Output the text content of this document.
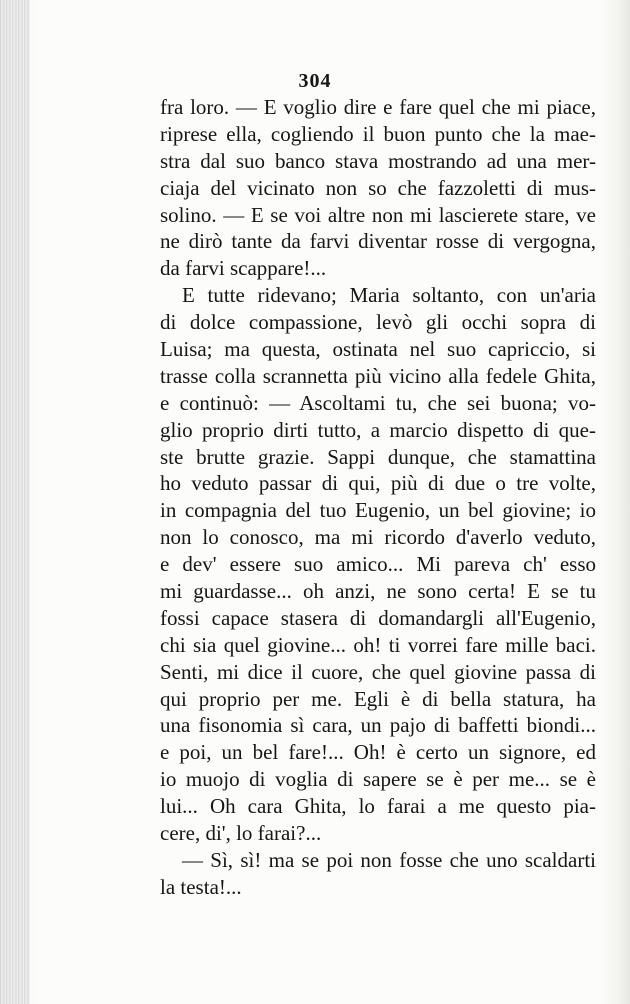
304
fra loro. — E voglio dire e fare quel che mi piace,
riprese ella, cogliendo il buon punto che la mae-
stra dal suo banco stava mostrando ad una mer-
ciaja del vicinato non so che fazzoletti di mus-
solino. — E se voi altre non mi lascierete stare, ve
ne dirò tante da farvi diventar rosse di vergogna,
da farvi scappare!...
E tutte ridevano; Maria soltanto, con un'aria
di dolce compassione, levò gli occhi sopra di
Luisa; ma questa, ostinata nel suo capriccio, si
trasse colla scrannetta più vicino alla fedele Ghita,
e continuò: — Ascoltami tu, che sei buona; vo-
glio proprio dirti tutto, a marcio dispetto di que-
ste brutte grazie. Sappi dunque, che stamattina
ho veduto passar di qui, più di due o tre volte,
in compagnia del tuo Eugenio, un bel giovine; io
non lo conosco, ma mi ricordo d'averlo veduto,
e dev' essere suo amico... Mi pareva ch' esso
mi guardasse... oh anzi, ne sono certa! E se tu
fossi capace stasera di domandargli all'Eugenio,
chi sia quel giovine... oh! ti vorrei fare mille baci.
Senti, mi dice il cuore, che quel giovine passa di
qui proprio per me. Egli è di bella statura, ha
una fisonomia sì cara, un pajo di baffetti biondi...
e poi, un bel fare!... Oh! è certo un signore, ed
io muojo di voglia di sapere se è per me... se è
lui... Oh cara Ghita, lo farai a me questo pia-
cere, di', lo farai?...
— Sì, sì! ma se poi non fosse che uno scaldarti
la testa!...
